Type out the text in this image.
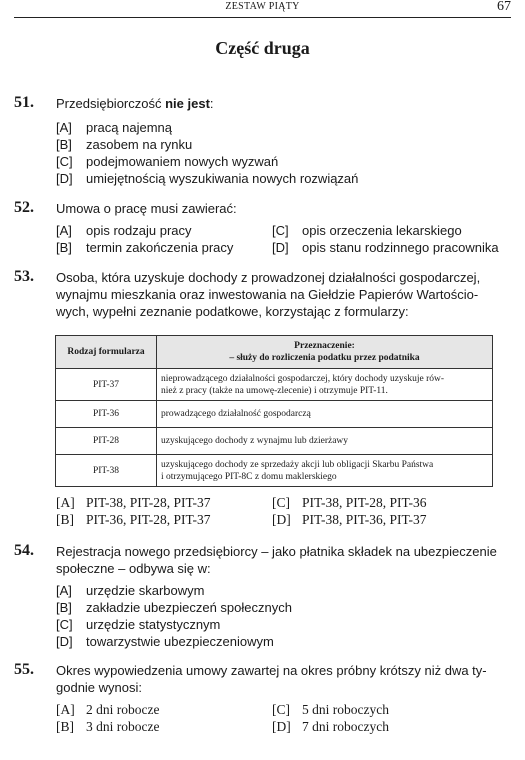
ZESTAW PIĄTY	67
Część druga
51. Przedsiębiorczość nie jest:
[A] pracą najemną
[B] zasobem na rynku
[C] podejmowaniem nowych wyzwań
[D] umiejętnością wyszukiwania nowych rozwiązań
52. Umowa o pracę musi zawierać:
[A] opis rodzaju pracy
[B] termin zakończenia pracy
[C] opis orzeczenia lekarskiego
[D] opis stanu rodzinnego pracownika
53. Osoba, która uzyskuje dochody z prowadzonej działalności gospodarczej,
wynajmu mieszkania oraz inwestowania na Giełdzie Papierów Wartościo-
wych, wypełni zeznanie podatkowe, korzystając z formularzy:
Rodzaj formularza	Przeznaczenie:
– służy do rozliczenia podatku przez podatnika

PIT-37	nieprowadzącego działalności gospodarczej, który dochody uzyskuje rów-
nież z pracy (także na umowę-zlecenie) i otrzymuje PIT-11.

PIT-36	prowadzącego działalność gospodarczą
PIT-28	uzyskującego dochody z wynajmu lub dzierżawy
PIT-38	uzyskującego dochody ze sprzedaży akcji lub obligacji Skarbu Państwa
i otrzymującego PIT-8C z domu maklerskiego
[A] PIT-38, PIT-28, PIT-37
[B] PIT-36, PIT-28, PIT-37
[C] PIT-38, PIT-28, PIT-36
[D] PIT-38, PIT-36, PIT-37
54. Rejestracja nowego przedsiębiorcy – jako płatnika składek na ubezpieczenie
społeczne – odbywa się w:
[A] urzędzie skarbowym
[B] zakładzie ubezpieczeń społecznych
[C] urzędzie statystycznym
[D] towarzystwie ubezpieczeniowym
55. Okres wypowiedzenia umowy zawartej na okres próbny krótszy niż dwa ty-
godnie wynosi:
[A] 2 dni robocze
[B] 3 dni robocze
[C] 5 dni roboczych
[D] 7 dni roboczych
